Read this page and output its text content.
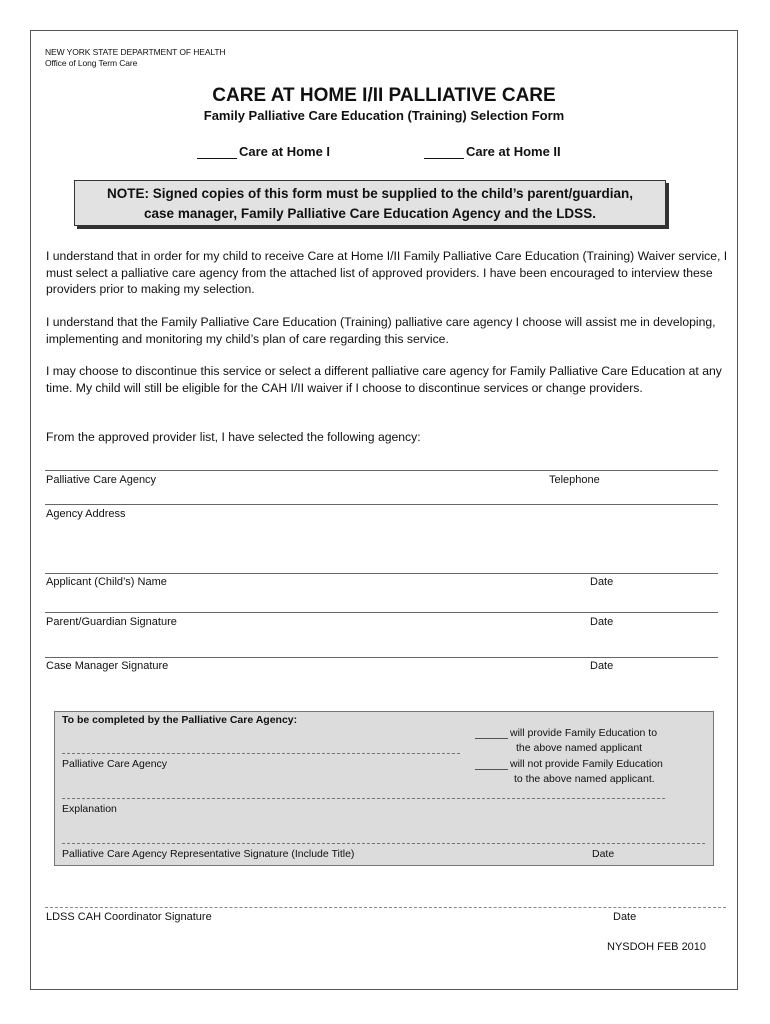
NEW YORK STATE DEPARTMENT OF HEALTH
Office of Long Term Care
CARE AT HOME I/II PALLIATIVE CARE
Family Palliative Care Education (Training) Selection Form
Care at Home I	Care at Home II
NOTE: Signed copies of this form must be supplied to the child’s parent/guardian,
case manager, Family Palliative Care Education Agency and the LDSS.
I understand that in order for my child to receive Care at Home I/II Family Palliative Care Education (Training) Waiver service, I must select a palliative care agency from the attached list of approved providers. I have been encouraged to interview these providers prior to making my selection.
I understand that the Family Palliative Care Education (Training) palliative care agency I choose will assist me in developing, implementing and monitoring my child’s plan of care regarding this service.
I may choose to discontinue this service or select a different palliative care agency for Family Palliative Care Education at any time. My child will still be eligible for the CAH I/II waiver if I choose to discontinue services or change providers.
From the approved provider list, I have selected the following agency:
Palliative Care Agency	Telephone
Agency Address
Applicant (Child’s) Name	Date
Parent/Guardian Signature	Date
Case Manager Signature	Date
To be completed by the Palliative Care Agency:
Palliative Care Agency
will provide Family Education to
the above named applicant
will not provide Family Education
to the above named applicant.
Explanation
Palliative Care Agency Representative Signature (Include Title)	Date
LDSS CAH Coordinator Signature	Date
NYSDOH FEB 2010
